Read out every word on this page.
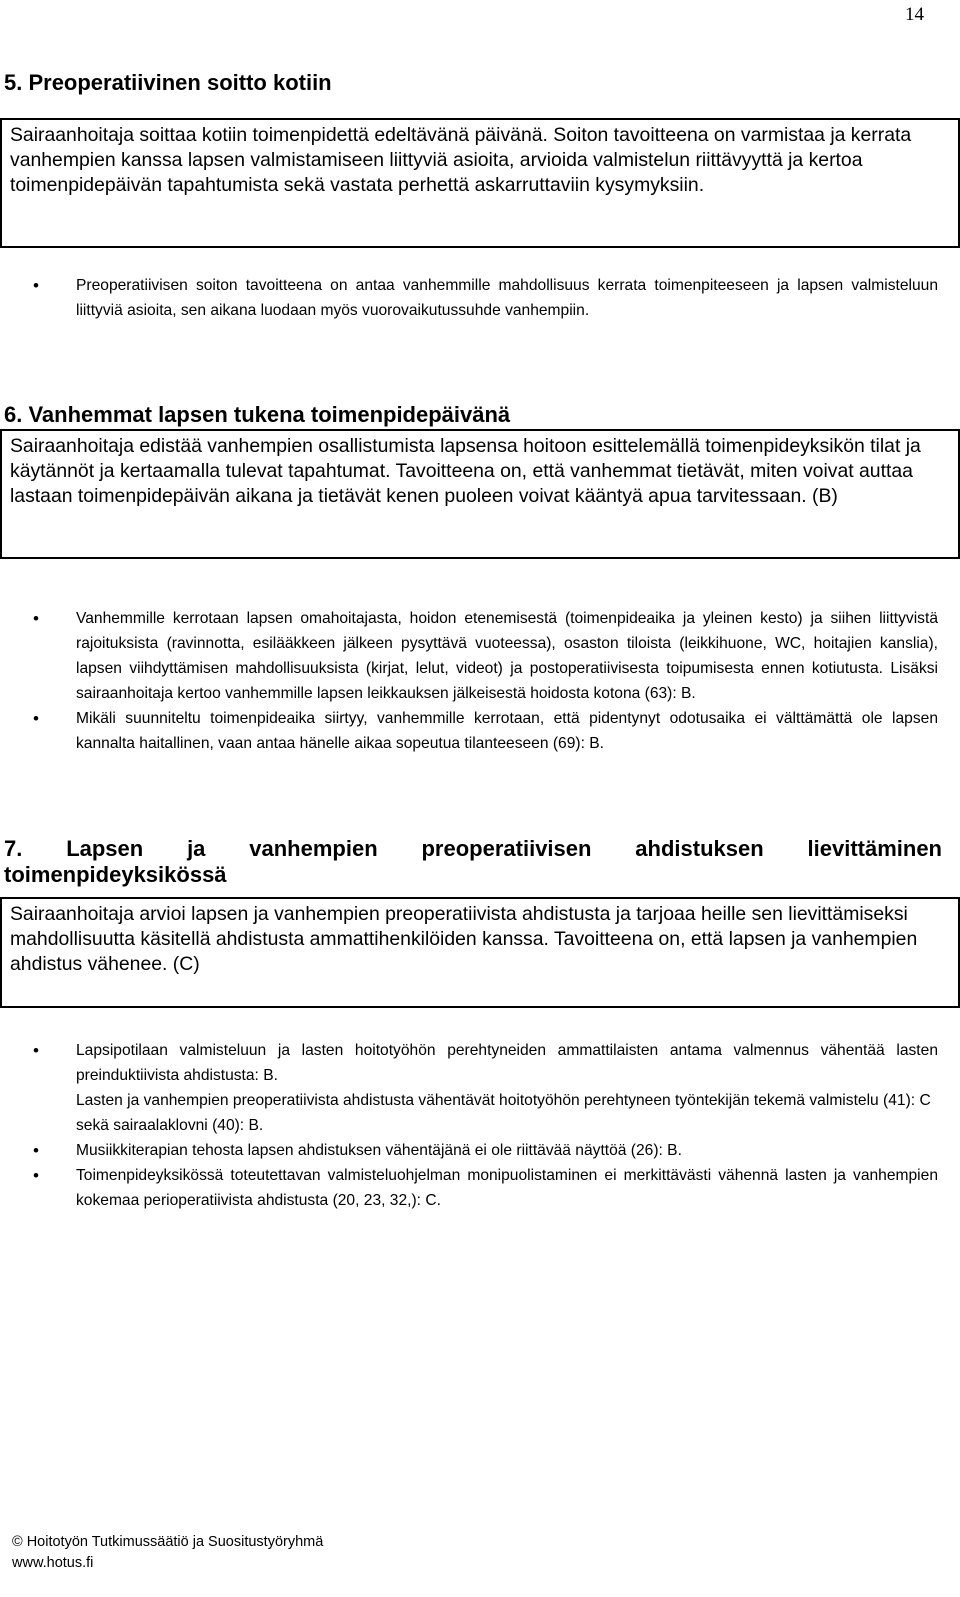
14
5. Preoperatiivinen soitto kotiin

Sairaanhoitaja soittaa kotiin toimenpidettä edeltävänä päivänä. Soiton tavoitteena on varmistaa ja kerrata vanhempien kanssa lapsen valmistamiseen liittyviä asioita, arvioida valmistelun riittävyyttä ja kertoa toimenpidepäivän tapahtumista sekä vastata perhettä askarruttaviin kysymyksiin.

• Preoperatiivisen soiton tavoitteena on antaa vanhemmille mahdollisuus kerrata toimenpiteeseen ja lapsen valmisteluun liittyviä asioita, sen aikana luodaan myös vuorovaikutussuhde vanhempiin.

6. Vanhemmat lapsen tukena toimenpidepäivänä

Sairaanhoitaja edistää vanhempien osallistumista lapsensa hoitoon esittelemällä toimenpideyksikön tilat ja käytännöt ja kertaamalla tulevat tapahtumat. Tavoitteena on, että vanhemmat tietävät, miten voivat auttaa lastaan toimenpidepäivän aikana ja tietävät kenen puoleen voivat kääntyä apua tarvitessaan. (B)

• Vanhemmille kerrotaan lapsen omahoitajasta, hoidon etenemisestä (toimenpideaika ja yleinen kesto) ja siihen liittyvistä rajoituksista (ravinnotta, esilääkkeen jälkeen pysyttävä vuoteessa), osaston tiloista (leikkihuone, WC, hoitajien kanslia), lapsen viihdyttämisen mahdollisuuksista (kirjat, lelut, videot) ja postoperatiivisesta toipumisesta ennen kotiutusta. Lisäksi sairaanhoitaja kertoo vanhemmille lapsen leikkauksen jälkeisestä hoidosta kotona (63): B.

• Mikäli suunniteltu toimenpideaika siirtyy, vanhemmille kerrotaan, että pidentynyt odotusaika ei välttämättä ole lapsen kannalta haitallinen, vaan antaa hänelle aikaa sopeutua tilanteeseen (69): B.

7. Lapsen ja vanhempien preoperatiivisen ahdistuksen lievittäminen
toimenpideyksikössä

Sairaanhoitaja arvioi lapsen ja vanhempien preoperatiivista ahdistusta ja tarjoaa heille sen lievittämiseksi mahdollisuutta käsitellä ahdistusta ammattihenkilöiden kanssa. Tavoitteena on, että lapsen ja vanhempien ahdistus vähenee. (C)

• Lapsipotilaan valmisteluun ja lasten hoitotyöhön perehtyneiden ammattilaisten antama valmennus vähentää lasten preinduktiivista ahdistusta: B.

Lasten ja vanhempien preoperatiivista ahdistusta vähentävät hoitotyöhön perehtyneen työntekijän tekemä valmistelu (41): C

sekä sairaalaklovni (40): B.

• Musiikkiterapian tehosta lapsen ahdistuksen vähentäjänä ei ole riittävää näyttöä (26): B.

• Toimenpideyksikössä toteutettavan valmisteluohjelman monipuolistaminen ei merkittävästi vähennä lasten ja vanhempien kokemaa perioperatiivista ahdistusta (20, 23, 32,): C.

© Hoitotyön Tutkimussäätiö ja Suositustyöryhmä
www.hotus.fi
